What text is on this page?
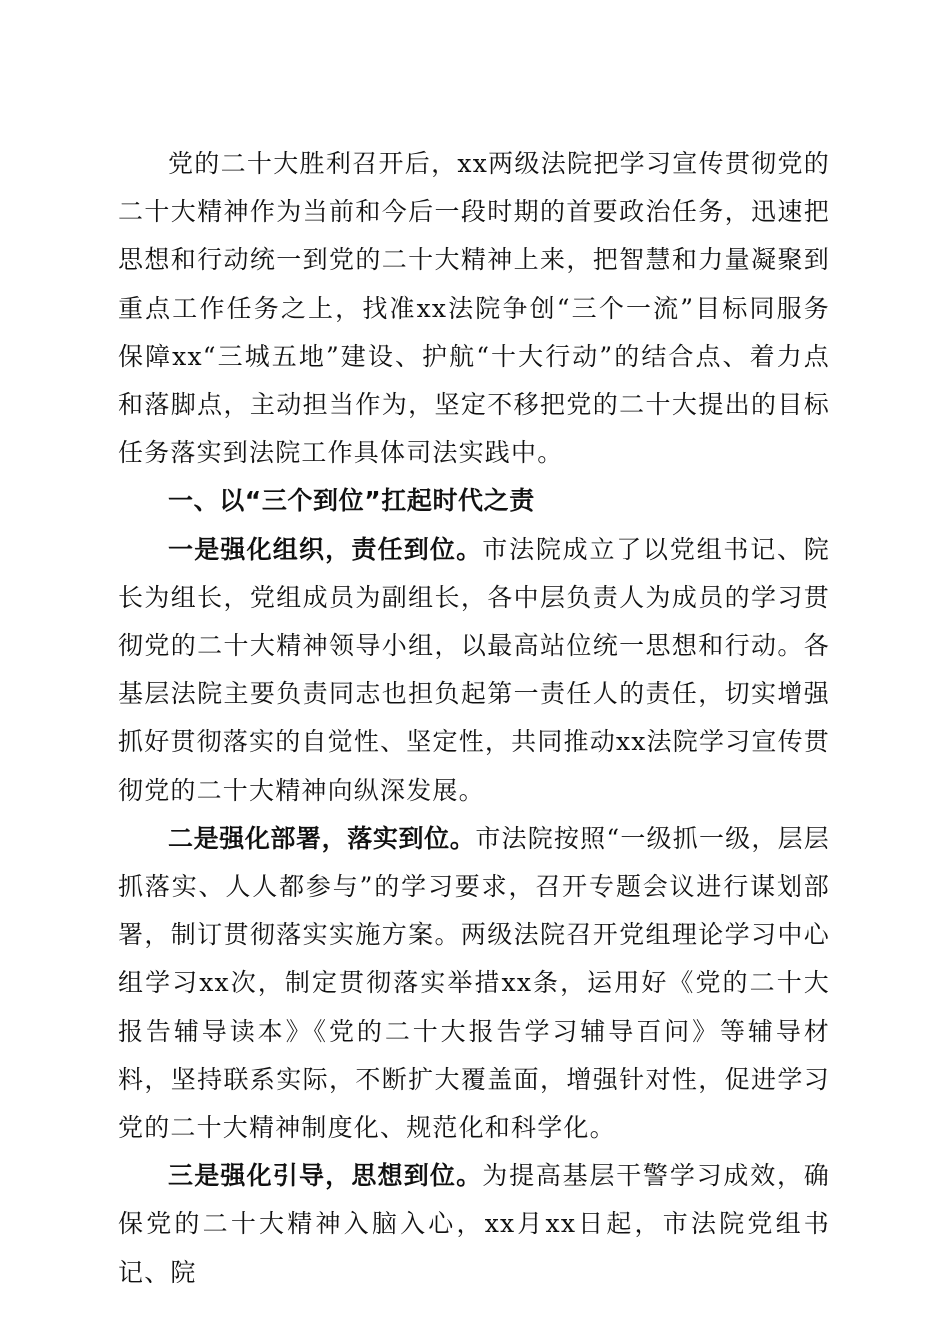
党的二十大胜利召开后，xx两级法院把学习宣传贯彻党的二十大精神作为当前和今后一段时期的首要政治任务，迅速把思想和行动统一到党的二十大精神上来，把智慧和力量凝聚到重点工作任务之上，找准xx法院争创“三个一流”目标同服务保障xx“三城五地”建设、护航“十大行动”的结合点、着力点和落脚点，主动担当作为，坚定不移把党的二十大提出的目标任务落实到法院工作具体司法实践中。

一、以“三个到位”扛起时代之责

一是强化组织，责任到位。市法院成立了以党组书记、院长为组长，党组成员为副组长，各中层负责人为成员的学习贯彻党的二十大精神领导小组，以最高站位统一思想和行动。各基层法院主要负责同志也担负起第一责任人的责任，切实增强抓好贯彻落实的自觉性、坚定性，共同推动xx法院学习宣传贯彻党的二十大精神向纵深发展。

二是强化部署，落实到位。市法院按照“一级抓一级，层层抓落实、人人都参与”的学习要求，召开专题会议进行谋划部署，制订贯彻落实实施方案。两级法院召开党组理论学习中心组学习xx次，制定贯彻落实举措xx条，运用好《党的二十大报告辅导读本》《党的二十大报告学习辅导百问》等辅导材料，坚持联系实际，不断扩大覆盖面，增强针对性，促进学习党的二十大精神制度化、规范化和科学化。

三是强化引导，思想到位。为提高基层干警学习成效，确保党的二十大精神入脑入心，xx月xx日起，市法院党组书记、院
